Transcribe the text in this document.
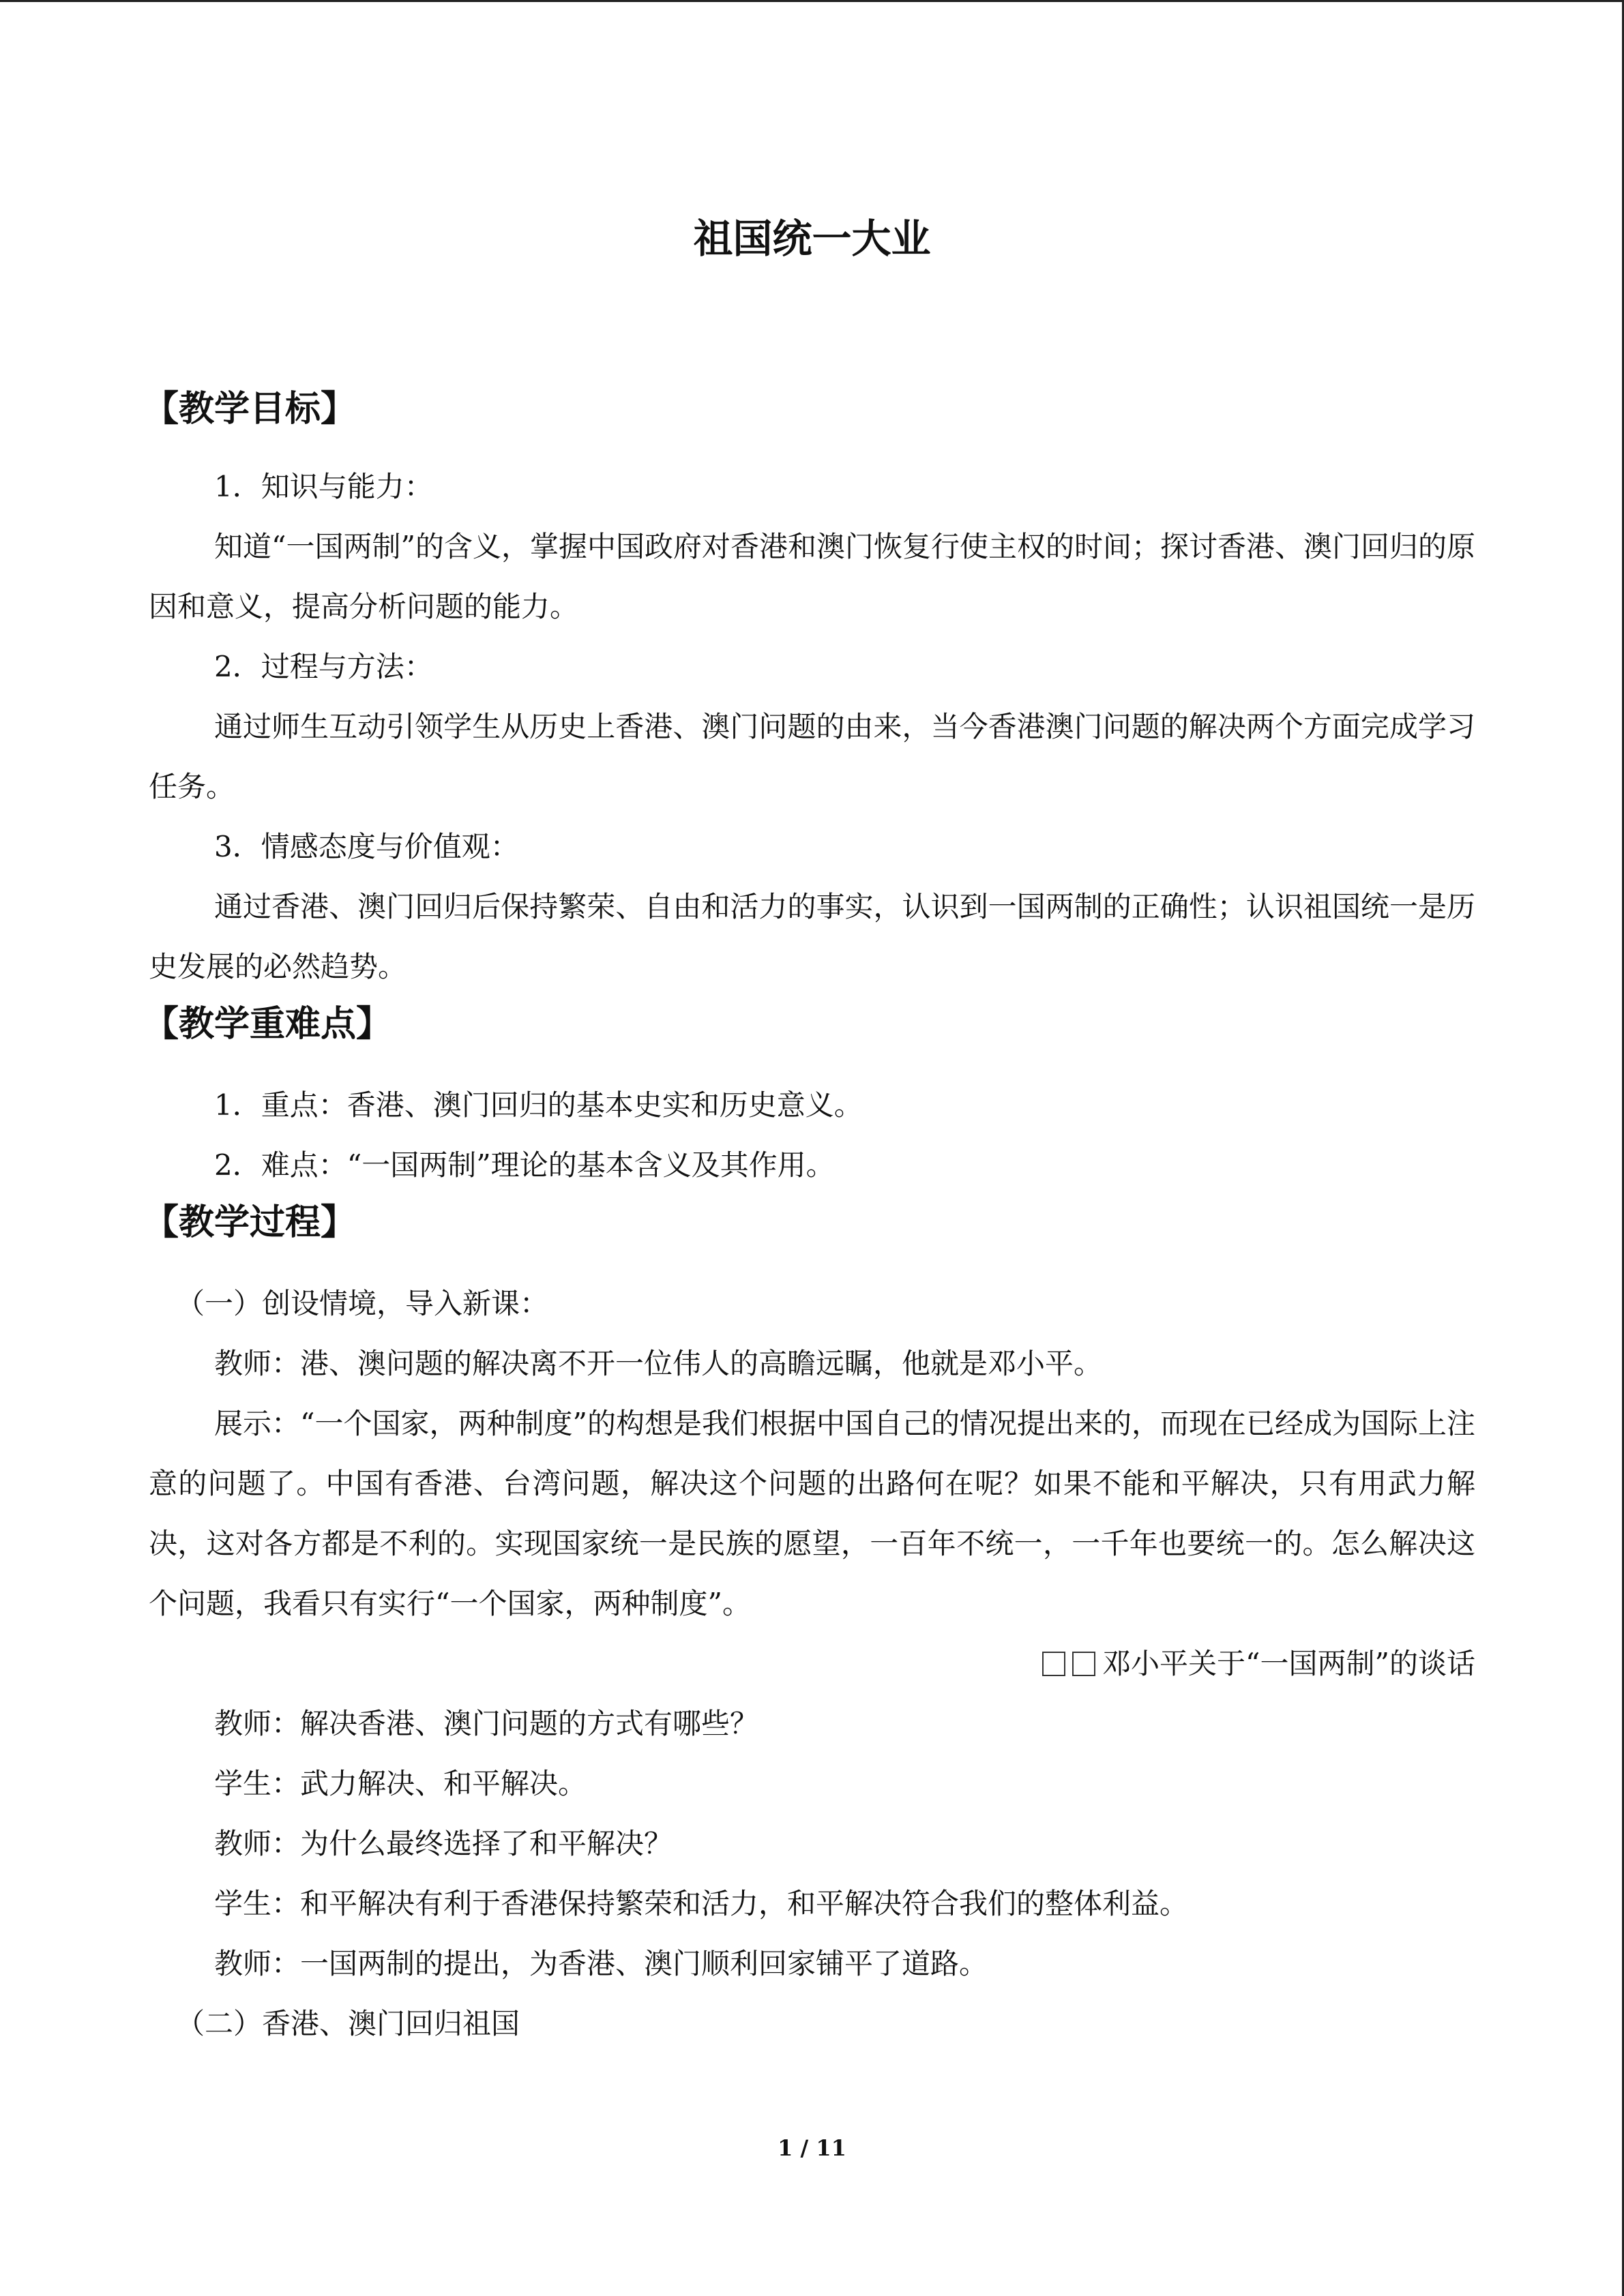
祖国统一大业
【教学目标】

1．知识与能力：

知道“一国两制”的含义，掌握中国政府对香港和澳门恢复行使主权的时间；探讨香港、澳门回归的原因和意义，提高分析问题的能力。

2．过程与方法：

通过师生互动引领学生从历史上香港、澳门问题的由来，当今香港澳门问题的解决两个方面完成学习任务。

3．情感态度与价值观：

通过香港、澳门回归后保持繁荣、自由和活力的事实，认识到一国两制的正确性；认识祖国统一是历史发展的必然趋势。

【教学重难点】

1．重点：香港、澳门回归的基本史实和历史意义。

2．难点：“一国两制”理论的基本含义及其作用。

【教学过程】

（一）创设情境，导入新课：

教师：港、澳问题的解决离不开一位伟人的高瞻远瞩，他就是邓小平。

展示：“一个国家，两种制度”的构想是我们根据中国自己的情况提出来的，而现在已经成为国际上注意的问题了。中国有香港、台湾问题，解决这个问题的出路何在呢？如果不能和平解决，只有用武力解决，这对各方都是不利的。实现国家统一是民族的愿望，一百年不统一，一千年也要统一的。怎么解决这个问题，我看只有实行“一个国家，两种制度”。

邓小平关于“一国两制”的谈话

教师：解决香港、澳门问题的方式有哪些？

学生：武力解决、和平解决。

教师：为什么最终选择了和平解决？

学生：和平解决有利于香港保持繁荣和活力，和平解决符合我们的整体利益。

教师：一国两制的提出，为香港、澳门顺利回家铺平了道路。

（二）香港、澳门回归祖国

1 / 11
